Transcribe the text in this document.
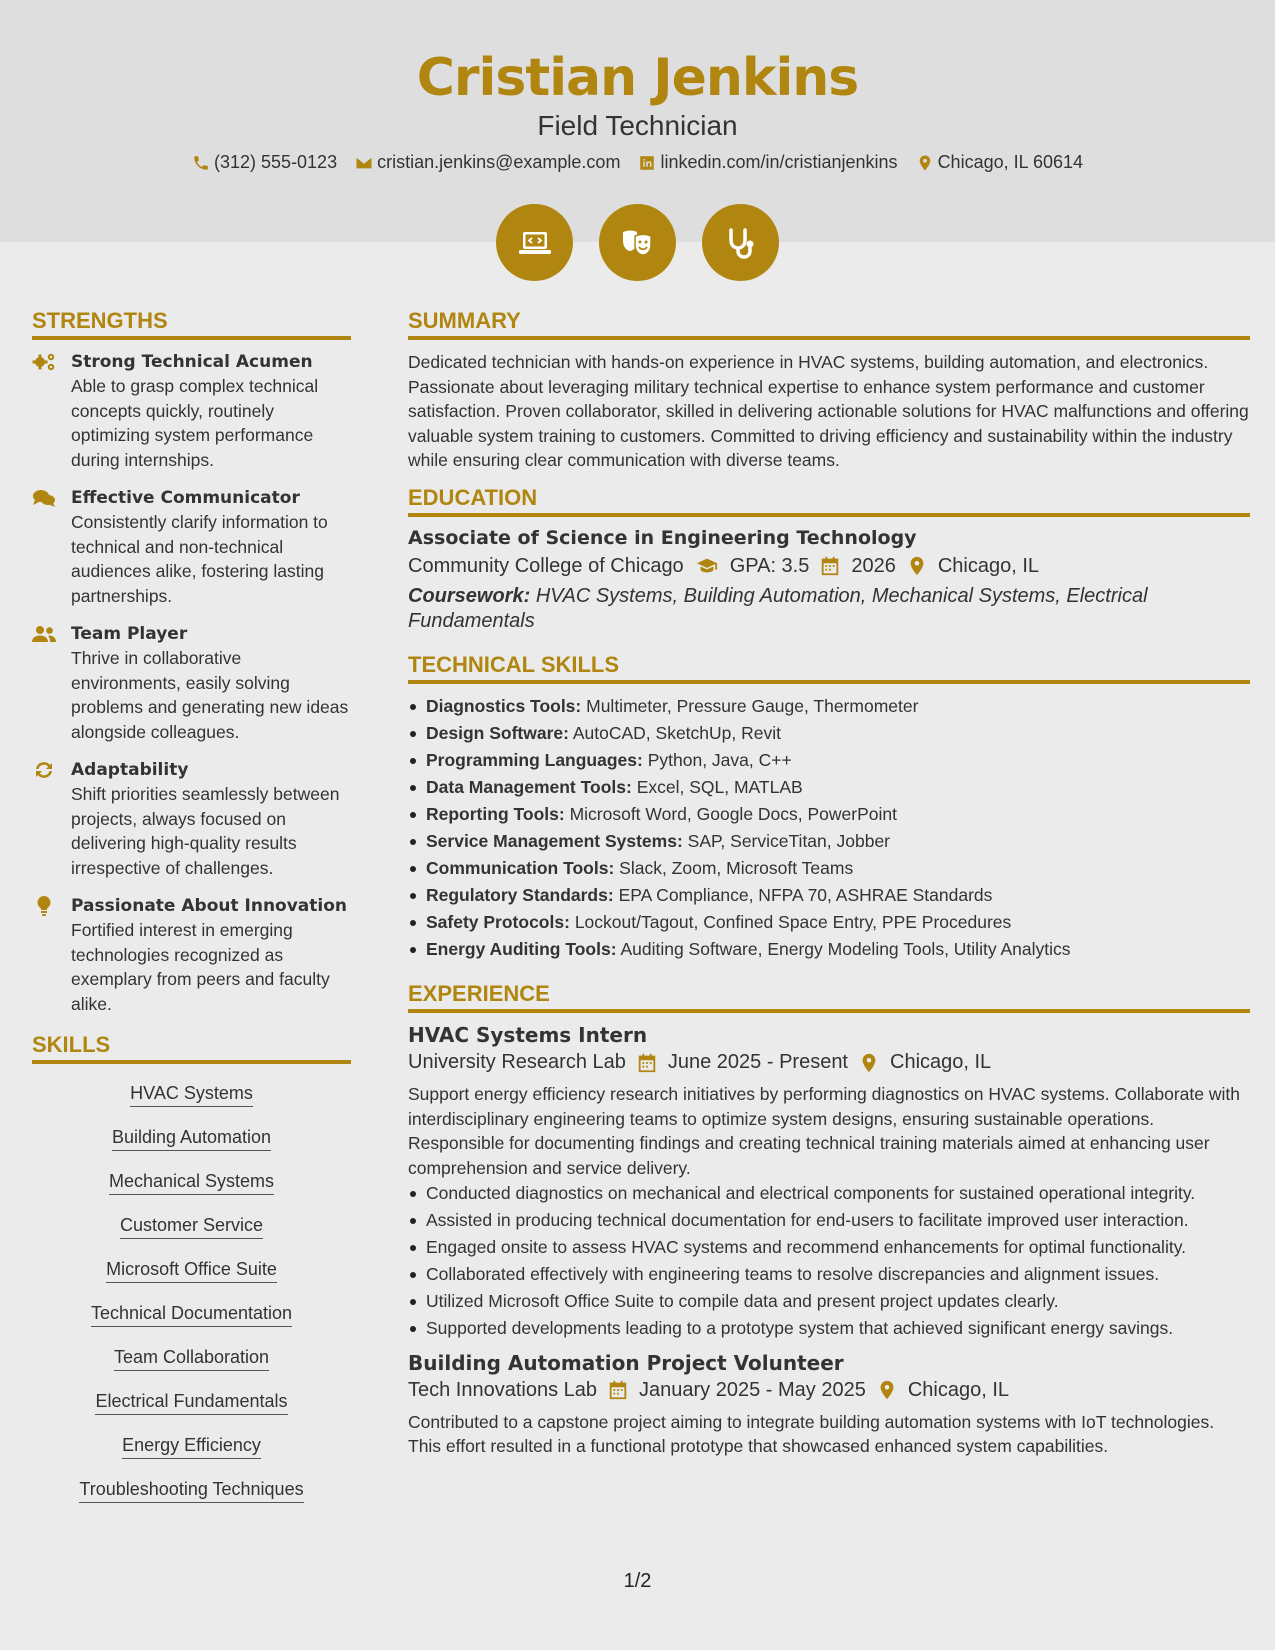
Cristian Jenkins
Field Technician
(312) 555-0123 cristian.jenkins@example.com linkedin.com/in/cristianjenkins Chicago, IL 60614
STRENGTHS
Strong Technical Acumen
Able to grasp complex technical concepts quickly, routinely optimizing system performance during internships.
Effective Communicator
Consistently clarify information to technical and non-technical audiences alike, fostering lasting partnerships.
Team Player
Thrive in collaborative environments, easily solving problems and generating new ideas alongside colleagues.
Adaptability
Shift priorities seamlessly between projects, always focused on delivering high-quality results irrespective of challenges.
Passionate About Innovation
Fortified interest in emerging technologies recognized as exemplary from peers and faculty alike.
SKILLS
HVAC Systems
Building Automation
Mechanical Systems
Customer Service
Microsoft Office Suite
Technical Documentation
Team Collaboration
Electrical Fundamentals
Energy Efficiency
Troubleshooting Techniques
SUMMARY
Dedicated technician with hands-on experience in HVAC systems, building automation, and electronics. Passionate about leveraging military technical expertise to enhance system performance and customer satisfaction. Proven collaborator, skilled in delivering actionable solutions for HVAC malfunctions and offering valuable system training to customers. Committed to driving efficiency and sustainability within the industry while ensuring clear communication with diverse teams.
EDUCATION
Associate of Science in Engineering Technology
Community College of Chicago GPA: 3.5 2026 Chicago, IL
Coursework: HVAC Systems, Building Automation, Mechanical Systems, Electrical Fundamentals
TECHNICAL SKILLS
Diagnostics Tools: Multimeter, Pressure Gauge, Thermometer
Design Software: AutoCAD, SketchUp, Revit
Programming Languages: Python, Java, C++
Data Management Tools: Excel, SQL, MATLAB
Reporting Tools: Microsoft Word, Google Docs, PowerPoint
Service Management Systems: SAP, ServiceTitan, Jobber
Communication Tools: Slack, Zoom, Microsoft Teams
Regulatory Standards: EPA Compliance, NFPA 70, ASHRAE Standards
Safety Protocols: Lockout/Tagout, Confined Space Entry, PPE Procedures
Energy Auditing Tools: Auditing Software, Energy Modeling Tools, Utility Analytics
EXPERIENCE
HVAC Systems Intern
University Research Lab June 2025 - Present Chicago, IL
Support energy efficiency research initiatives by performing diagnostics on HVAC systems. Collaborate with interdisciplinary engineering teams to optimize system designs, ensuring sustainable operations. Responsible for documenting findings and creating technical training materials aimed at enhancing user comprehension and service delivery.
Conducted diagnostics on mechanical and electrical components for sustained operational integrity.
Assisted in producing technical documentation for end-users to facilitate improved user interaction.
Engaged onsite to assess HVAC systems and recommend enhancements for optimal functionality.
Collaborated effectively with engineering teams to resolve discrepancies and alignment issues.
Utilized Microsoft Office Suite to compile data and present project updates clearly.
Supported developments leading to a prototype system that achieved significant energy savings.
Building Automation Project Volunteer
Tech Innovations Lab January 2025 - May 2025 Chicago, IL
Contributed to a capstone project aiming to integrate building automation systems with IoT technologies. This effort resulted in a functional prototype that showcased enhanced system capabilities.
1/2
